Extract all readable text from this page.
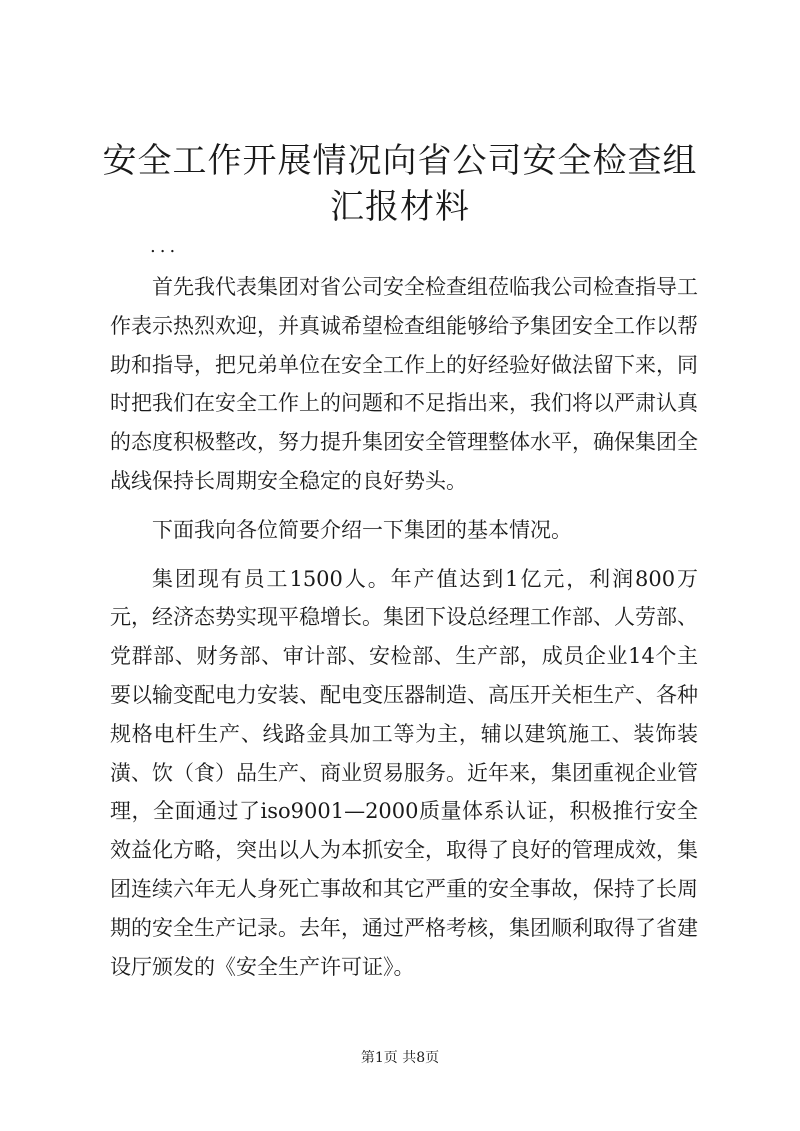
安全工作开展情况向省公司安全检查组汇报材料
...

首先我代表集团对省公司安全检查组莅临我公司检查指导工作表示热烈欢迎，并真诚希望检查组能够给予集团安全工作以帮助和指导，把兄弟单位在安全工作上的好经验好做法留下来，同时把我们在安全工作上的问题和不足指出来，我们将以严肃认真的态度积极整改，努力提升集团安全管理整体水平，确保集团全战线保持长周期安全稳定的良好势头。

下面我向各位简要介绍一下集团的基本情况。

集团现有员工1500人。年产值达到1亿元，利润800万元，经济态势实现平稳增长。集团下设总经理工作部、人劳部、党群部、财务部、审计部、安检部、生产部，成员企业14个主要以输变配电力安装、配电变压器制造、高压开关柜生产、各种规格电杆生产、线路金具加工等为主，辅以建筑施工、装饰装潢、饮（食）品生产、商业贸易服务。近年来，集团重视企业管理，全面通过了iso9001—2000质量体系认证，积极推行安全效益化方略，突出以人为本抓安全，取得了良好的管理成效，集团连续六年无人身死亡事故和其它严重的安全事故，保持了长周期的安全生产记录。去年，通过严格考核，集团顺利取得了省建设厅颁发的《安全生产许可证》。

第1页 共8页
